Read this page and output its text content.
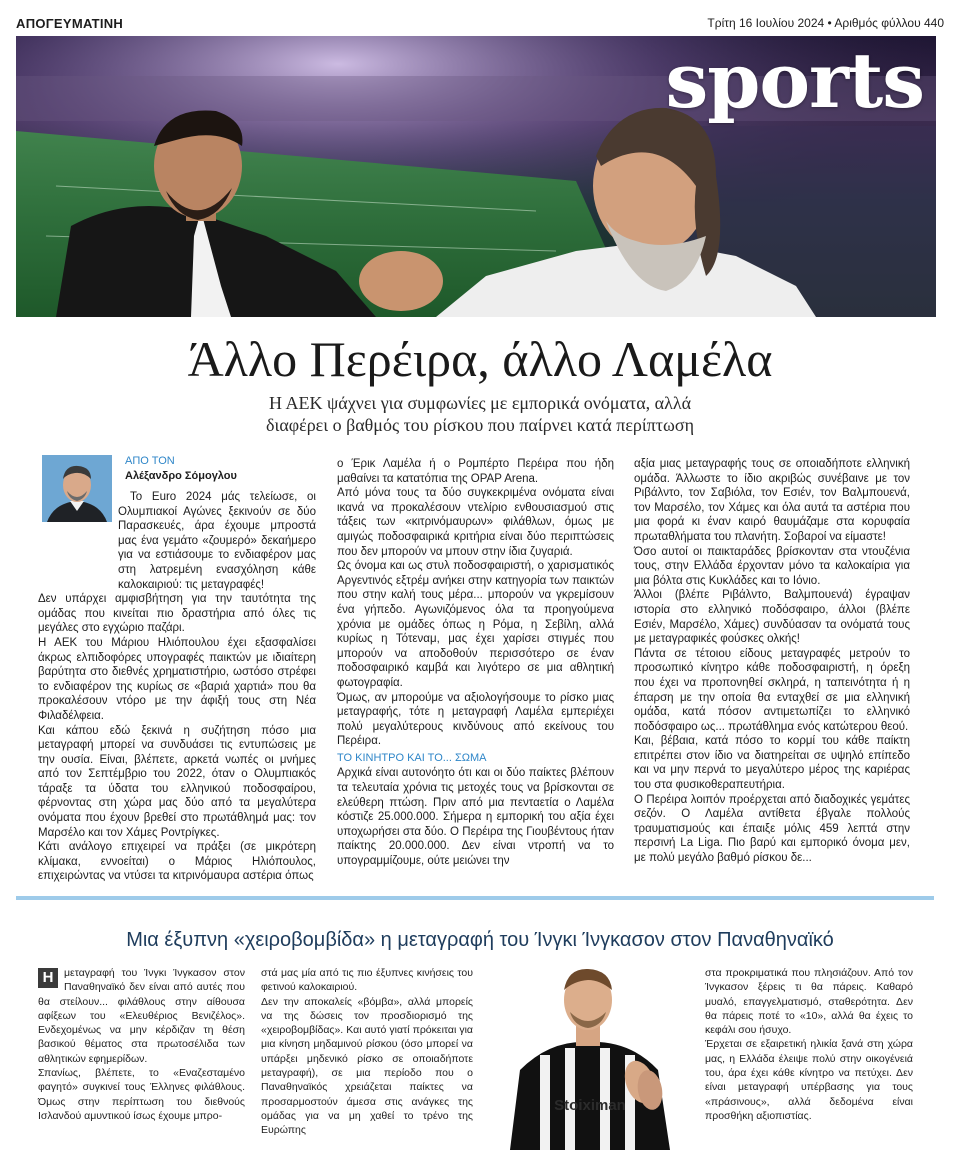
ΑΠΟΓΕΥΜΑΤΙΝΗ	Τρίτη 16 Ιουλίου 2024 • Αριθμός φύλλου 440
sports
Άλλο Περέιρα, άλλο Λαμέλα
Η ΑΕΚ ψάχνει για συμφωνίες με εμπορικά ονόματα, αλλά
διαφέρει ο βαθμός του ρίσκου που παίρνει κατά περίπτωση
ΑΠΟ ΤΟΝ
Αλέξανδρο Σόμογλου

Το Euro 2024 μάς τελείωσε, οι Ολυμπιακοί Αγώνες ξεκινούν σε δύο Παρασκευές, άρα έχουμε μπροστά μας ένα γεμάτο «ζουμερό» δεκαήμερο για να εστιάσουμε το ενδιαφέρον μας στη λατρεμένη ενασχόληση κάθε καλοκαιριού: τις μεταγραφές!

Δεν υπάρχει αμφισβήτηση για την ταυτότητα της ομάδας που κινείται πιο δραστήρια από όλες τις μεγάλες στο εγχώριο παζάρι.

Η ΑΕΚ του Μάριου Ηλιόπουλου έχει εξασφαλίσει άκρως ελπιδοφόρες υπογραφές παικτών με ιδιαίτερη βαρύτητα στο διεθνές χρηματιστήριο, ωστόσο στρέφει το ενδιαφέρον της κυρίως σε «βαριά χαρτιά» που θα προκαλέσουν ντόρο με την άφιξή τους στη Νέα Φιλαδέλφεια.

Και κάπου εδώ ξεκινά η συζήτηση πόσο μια μεταγραφή μπορεί να συνδυάσει τις εντυπώσεις με την ουσία. Είναι, βλέπετε, αρκετά νωπές οι μνήμες από τον Σεπτέμβριο του 2022, όταν ο Ολυμπιακός τάραξε τα ύδατα του ελληνικού ποδοσφαίρου, φέρνοντας στη χώρα μας δύο από τα μεγαλύτερα ονόματα που έχουν βρεθεί στο πρωτάθλημά μας: τον Μαρσέλο και τον Χάμες Ροντρίγκες.

Κάτι ανάλογο επιχειρεί να πράξει (σε μικρότερη κλίμακα, εννοείται) ο Μάριος Ηλιόπουλος, επιχειρώντας να ντύσει τα κιτρινόμαυρα αστέρια όπως

ο Έρικ Λαμέλα ή ο Ρομπέρτο Περέιρα που ήδη μαθαίνει τα κατατόπια της OPAP Arena.

Από μόνα τους τα δύο συγκεκριμένα ονόματα είναι ικανά να προκαλέσουν ντελίριο ενθουσιασμού στις τάξεις των «κιτρινόμαυρων» φιλάθλων, όμως με αμιγώς ποδοσφαιρικά κριτήρια είναι δύο περιπτώσεις που δεν μπορούν να μπουν στην ίδια ζυγαριά.

Ως όνομα και ως στυλ ποδοσφαιριστή, ο χαρισματικός Αργεντινός εξτρέμ ανήκει στην κατηγορία των παικτών που στην καλή τους μέρα... μπορούν να γκρεμίσουν ένα γήπεδο. Αγωνιζόμενος όλα τα προηγούμενα χρόνια με ομάδες όπως η Ρόμα, η Σεβίλη, αλλά κυρίως η Τότεναμ, μας έχει χαρίσει στιγμές που μπορούν να αποδοθούν περισσότερο σε έναν ποδοσφαιρικό καμβά και λιγότερο σε μια αθλητική φωτογραφία.

Όμως, αν μπορούμε να αξιολογήσουμε το ρίσκο μιας μεταγραφής, τότε η μεταγραφή Λαμέλα εμπεριέχει πολύ μεγαλύτερους κινδύνους από εκείνους του Περέιρα.

ΤΟ ΚΙΝΗΤΡΟ ΚΑΙ ΤΟ... ΣΩΜΑ

Αρχικά είναι αυτονόητο ότι και οι δύο παίκτες βλέπουν τα τελευταία χρόνια τις μετοχές τους να βρίσκονται σε ελεύθερη πτώση. Πριν από μια πενταετία ο Λαμέλα κόστιζε 25.000.000. Σήμερα η εμπορική του αξία έχει υποχωρήσει στα δύο. Ο Περέιρα της Γιουβέντους ήταν παίκτης 20.000.000. Δεν είναι ντροπή να το υπογραμμίζουμε, ούτε μειώνει την

αξία μιας μεταγραφής τους σε οποιαδήποτε ελληνική ομάδα. Άλλωστε το ίδιο ακριβώς συνέβαινε με τον Ριβάλντο, τον Σαβιόλα, τον Εσιέν, τον Βαλμπουενά, τον Μαρσέλο, τον Χάμες και όλα αυτά τα αστέρια που μια φορά κι έναν καιρό θαυμάζαμε στα κορυφαία πρωταθλήματα του πλανήτη. Σοβαροί να είμαστε!

Όσο αυτοί οι παικταράδες βρίσκονταν στα ντουζένια τους, στην Ελλάδα έρχονταν μόνο τα καλοκαίρια για μια βόλτα στις Κυκλάδες και το Ιόνιο.

Άλλοι (βλέπε Ριβάλντο, Βαλμπουενά) έγραψαν ιστορία στο ελληνικό ποδόσφαιρο, άλλοι (βλέπε Εσιέν, Μαρσέλο, Χάμες) συνδύασαν τα ονόματά τους με μεταγραφικές φούσκες ολκής!

Πάντα σε τέτοιου είδους μεταγραφές μετρούν το προσωπικό κίνητρο κάθε ποδοσφαιριστή, η όρεξη που έχει να προπονηθεί σκληρά, η ταπεινότητα ή η έπαρση με την οποία θα ενταχθεί σε μια ελληνική ομάδα, κατά πόσον αντιμετωπίζει το ελληνικό ποδόσφαιρο ως... πρωτάθλημα ενός κατώτερου θεού.

Και, βέβαια, κατά πόσο το κορμί του κάθε παίκτη επιτρέπει στον ίδιο να διατηρείται σε υψηλό επίπεδο και να μην περνά το μεγαλύτερο μέρος της καριέρας του στα φυσικοθεραπευτήρια.

Ο Περέιρα λοιπόν προέρχεται από διαδοχικές γεμάτες σεζόν. Ο Λαμέλα αντίθετα έβγαλε πολλούς τραυματισμούς και έπαιξε μόλις 459 λεπτά στην περσινή La Liga. Πιο βαρύ και εμπορικό όνομα μεν, με πολύ μεγάλο βαθμό ρίσκου δε...

Μια έξυπνη «χειροβομβίδα» η μεταγραφή του Ίνγκι Ίνγκασον στον Παναθηναϊκό
Η	μεταγραφή του Ίνγκι Ίνγκασον στον Παναθηναϊκό δεν είναι από αυτές που θα στείλουν... φιλάθλους στην αίθουσα αφίξεων του «Ελευθέριος Βενιζέλος». Ενδεχομένως να μην κέρδιζαν τη θέση βασικού θέματος στα πρωτοσέλιδα των αθλητικών εφημερίδων.

Σπανίως, βλέπετε, το «Εναζεσταμένο φαγητό» συγκινεί τους Έλληνες φιλάθλους. Όμως στην περίπτωση του διεθνούς Ισλανδού αμυντικού ίσως έχουμε μπρο-

στά μας μία από τις πιο έξυπνες κινήσεις του φετινού καλοκαιριού.

Δεν την αποκαλείς «βόμβα», αλλά μπορείς να της δώσεις τον προσδιορισμό της «χειροβομβίδας». Και αυτό γιατί πρόκειται για μια κίνηση μηδαμινού ρίσκου (όσο μπορεί να υπάρξει μηδενικό ρίσκο σε οποιαδήποτε μεταγραφή), σε μια περίοδο που ο Παναθηναϊκός χρειάζεται παίκτες να προσαρμοστούν άμεσα στις ανάγκες της ομάδας για να μη χαθεί το τρένο της Ευρώπης

Stoiximan

στα προκριματικά που πλησιάζουν. Από τον Ίνγκασον ξέρεις τι θα πάρεις. Καθαρό μυαλό, επαγγελματισμό, σταθερότητα. Δεν θα πάρεις ποτέ το «10», αλλά θα έχεις το κεφάλι σου ήσυχο.

Έρχεται σε εξαιρετική ηλικία ξανά στη χώρα μας, η Ελλάδα έλειψε πολύ στην οικογένειά του, άρα έχει κάθε κίνητρο να πετύχει. Δεν είναι μεταγραφή υπέρβασης για τους «πράσινους», αλλά δεδομένα είναι προσθήκη αξιοπιστίας.
